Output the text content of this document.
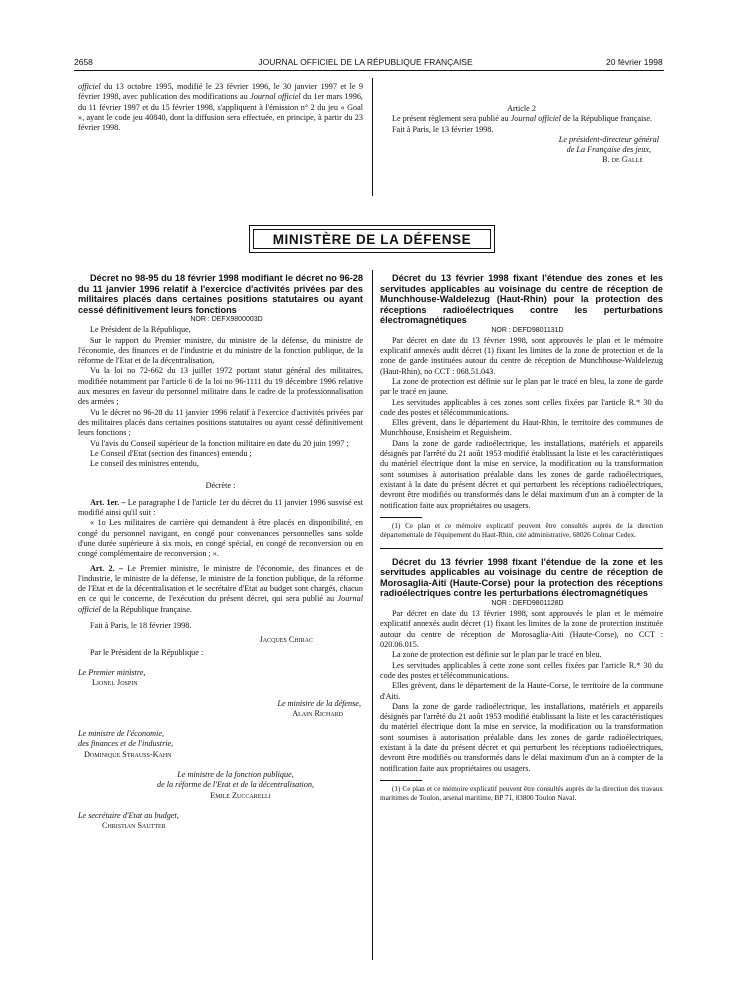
2658	JOURNAL OFFICIEL DE LA RÉPUBLIQUE FRANÇAISE	20 février 1998

officiel du 13 octobre 1995, modifié le 23 février 1996, le 30 janvier 1997 et le 9 février 1998, avec publication des modifications au Journal officiel du 1er mars 1996, du 11 février 1997 et du 15 février 1998, s'appliquent à l'émission n° 2 du jeu « Goal », ayant le code jeu 40840, dont la diffusion sera effectuée, en principe, à partir du 23 février 1998.

Article 2

Le présent règlement sera publié au Journal officiel de la République française.

Fait à Paris, le 13 février 1998.

Le président-directeur général

de La Française des jeux,

B. de Gallé

MINISTÈRE DE LA DÉFENSE

Décret no 98-95 du 18 février 1998 modifiant le décret no 96-28 du 11 janvier 1996 relatif à l'exercice d'activités privées par des militaires placés dans certaines positions statutaires ou ayant cessé définitivement leurs fonctions

NOR : DEFX9800003D

Le Président de la République,

Sur le rapport du Premier ministre, du ministre de la défense, du ministre de l'économie, des finances et de l'industrie et du ministre de la fonction publique, de la réforme de l'Etat et de la décentralisation,

Vu la loi no 72-662 du 13 juillet 1972 portant statut général des militaires, modifiée notamment par l'article 6 de la loi no 96-1111 du 19 décembre 1996 relative aux mesures en faveur du personnel militaire dans le cadre de la professionnalisation des armées ;

Vu le décret no 96-28 du 11 janvier 1996 relatif à l'exercice d'activités privées par des militaires placés dans certaines positions statutaires ou ayant cessé définitivement leurs fonctions ;

Vu l'avis du Conseil supérieur de la fonction militaire en date du 20 juin 1997 ;

Le Conseil d'Etat (section des finances) entendu ;

Le conseil des ministres entendu,

Décrète :

Art. 1er. – Le paragraphe I de l'article 1er du décret du 11 janvier 1996 susvisé est modifié ainsi qu'il suit :

« 1o Les militaires de carrière qui demandent à être placés en disponibilité, en congé du personnel navigant, en congé pour convenances personnelles sans solde d'une durée supérieure à six mois, en congé spécial, en congé de reconversion ou en congé complémentaire de reconversion ; ».

Art. 2. – Le Premier ministre, le ministre de l'économie, des finances et de l'industrie, le ministre de la défense, le ministre de la fonction publique, de la réforme de l'Etat et de la décentralisation et le secrétaire d'Etat au budget sont chargés, chacun en ce qui le concerne, de l'exécution du présent décret, qui sera publié au Journal officiel de la République française.

Fait à Paris, le 18 février 1998.

Jacques Chirac

Par le Président de la République :

Le Premier ministre,

Lionel Jospin

Le ministre de la défense,

Alain Richard

Le ministre de l'économie,

des finances et de l'industrie,

Dominique Strauss-Kahn

Le ministre de la fonction publique,

de la réforme de l'Etat et de la décentralisation,

Emile Zuccarelli

Le secrétaire d'Etat au budget,

Christian Sautter

Décret du 13 février 1998 fixant l'étendue des zones et les servitudes applicables au voisinage du centre de réception de Munchhouse-Waldelezug (Haut-Rhin) pour la protection des réceptions radioélectriques contre les perturbations électromagnétiques

NOR : DEFD9801131D

Par décret en date du 13 février 1998, sont approuvés le plan et le mémoire explicatif annexés audit décret (1) fixant les limites de la zone de protection et de la zone de garde instituées autour du centre de réception de Munchhouse-Waldelezug (Haut-Rhin), no CCT : 068.51.043.

La zone de protection est définie sur le plan par le tracé en bleu, la zone de garde par le tracé en jaune.

Les servitudes applicables à ces zones sont celles fixées par l'article R.* 30 du code des postes et télécommunications.

Elles grèvent, dans le département du Haut-Rhin, le territoire des communes de Munchhouse, Ensisheim et Reguisheim.

Dans la zone de garde radioélectrique, les installations, matériels et appareils désignés par l'arrêté du 21 août 1953 modifié établissant la liste et les caractéristiques du matériel électrique dont la mise en service, la modification ou la transformation sont soumises à autorisation préalable dans les zones de garde radioélectriques, existant à la date du présent décret et qui perturbent les réceptions radioélectriques, devront être modifiés ou transformés dans le délai maximum d'un an à compter de la notification faite aux propriétaires ou usagers.

(1) Ce plan et ce mémoire explicatif peuvent être consultés auprès de la direction départementale de l'équipement du Haut-Rhin, cité administrative, 68026 Colmar Cedex.

Décret du 13 février 1998 fixant l'étendue de la zone et les servitudes applicables au voisinage du centre de réception de Morosaglia-Aiti (Haute-Corse) pour la protection des réceptions radioélectriques contre les perturbations électromagnétiques

NOR : DEFD9801128D

Par décret en date du 13 février 1998, sont approuvés le plan et le mémoire explicatif annexés audit décret (1) fixant les limites de la zone de protection instituée autour du centre de réception de Morosaglia-Aiti (Haute-Corse), no CCT : 020.06.015.

La zone de protection est définie sur le plan par le tracé en bleu.

Les servitudes applicables à cette zone sont celles fixées par l'article R.* 30 du code des postes et télécommunications.

Elles grèvent, dans le département de la Haute-Corse, le territoire de la commune d'Aiti.

Dans la zone de garde radioélectrique, les installations, matériels et appareils désignés par l'arrêté du 21 août 1953 modifié établissant la liste et les caractéristiques du matériel électrique dont la mise en service, la modification ou la transformation sont soumises à autorisation préalable dans les zones de garde radioélectriques, existant à la date du présent décret et qui perturbent les réceptions radioélectriques, devront être modifiés ou transformés dans le délai maximum d'un an à compter de la notification faite aux propriétaires ou usagers.

(1) Ce plan et ce mémoire explicatif peuvent être consultés auprès de la direction des travaux maritimes de Toulon, arsenal maritime, BP 71, 83800 Toulon Naval.
